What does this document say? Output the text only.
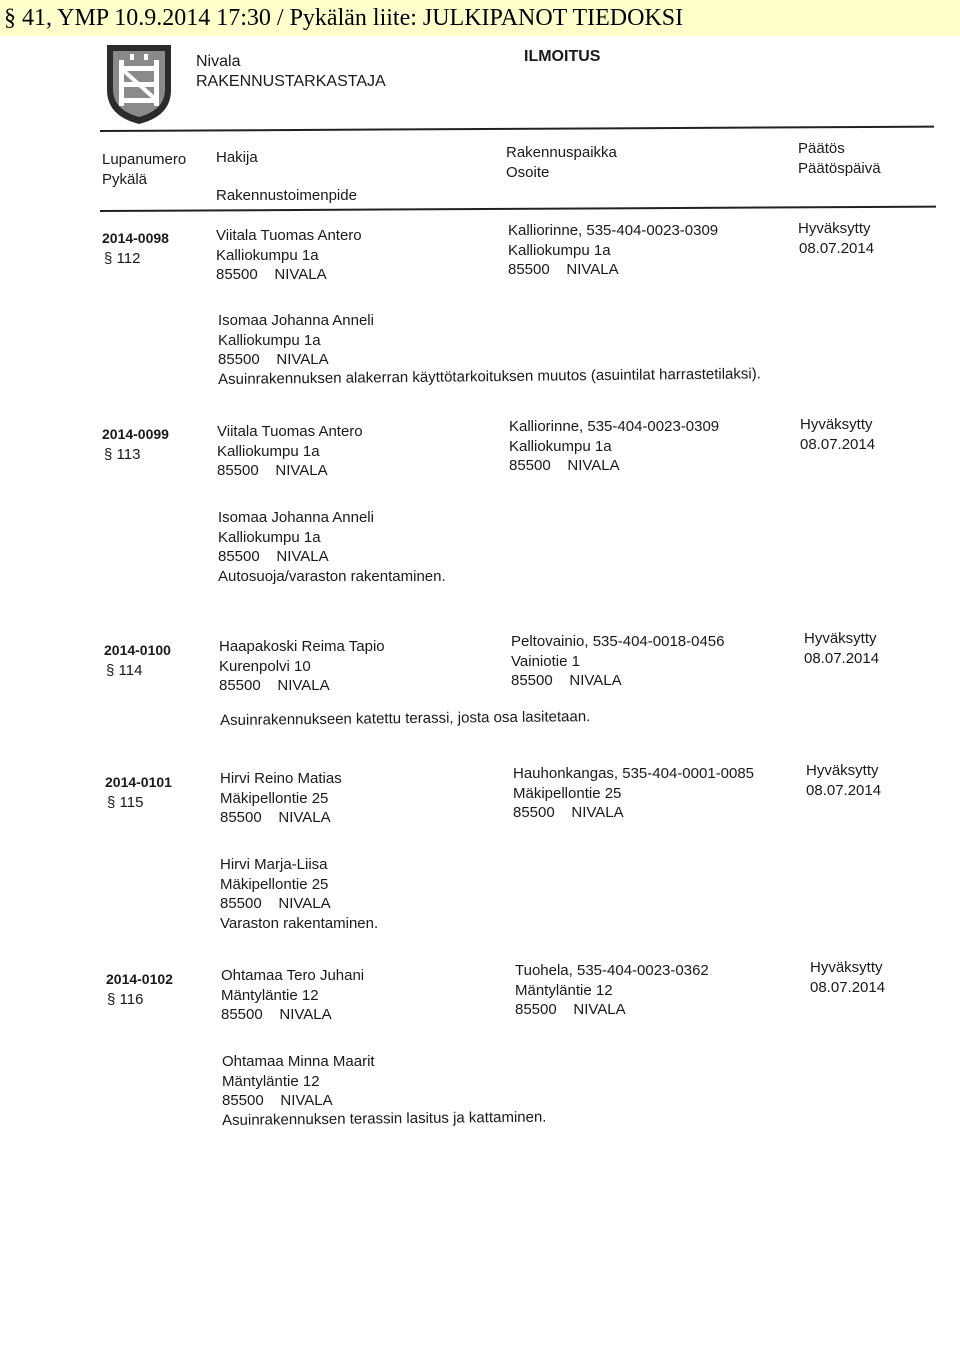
§ 41, YMP 10.9.2014 17:30 / Pykälän liite: JULKIPANOT TIEDOKSI
Nivala
RAKENNUSTARKASTAJA
ILMOITUS
Lupanumero
Pykälä
Hakija
Rakennustoimenpide
Rakennuspaikka
Osoite
Päätös
Päätöspäivä
2014-0098
§ 112
Viitala Tuomas Antero
Kalliokumpu 1a
85500    NIVALA
Kalliorinne, 535-404-0023-0309
Kalliokumpu 1a
85500    NIVALA
Hyväksytty
08.07.2014
Isomaa Johanna Anneli
Kalliokumpu 1a
85500    NIVALA
Asuinrakennuksen alakerran käyttötarkoituksen muutos (asuintilat harrastetilaksi).
2014-0099
§ 113
Viitala Tuomas Antero
Kalliokumpu 1a
85500    NIVALA
Kalliorinne, 535-404-0023-0309
Kalliokumpu 1a
85500    NIVALA
Hyväksytty
08.07.2014
Isomaa Johanna Anneli
Kalliokumpu 1a
85500    NIVALA
Autosuoja/varaston rakentaminen.
2014-0100
§ 114
Haapakoski Reima Tapio
Kurenpolvi 10
85500    NIVALA
Peltovainio, 535-404-0018-0456
Vainiotie 1
85500    NIVALA
Hyväksytty
08.07.2014
Asuinrakennukseen katettu terassi, josta osa lasitetaan.
2014-0101
§ 115
Hirvi Reino Matias
Mäkipellontie 25
85500    NIVALA
Hauhonkangas, 535-404-0001-0085
Mäkipellontie 25
85500    NIVALA
Hyväksytty
08.07.2014
Hirvi Marja-Liisa
Mäkipellontie 25
85500    NIVALA
Varaston rakentaminen.
2014-0102
§ 116
Ohtamaa Tero Juhani
Mäntyläntie 12
85500    NIVALA
Tuohela, 535-404-0023-0362
Mäntyläntie 12
85500    NIVALA
Hyväksytty
08.07.2014
Ohtamaa Minna Maarit
Mäntyläntie 12
85500    NIVALA
Asuinrakennuksen terassin lasitus ja kattaminen.
